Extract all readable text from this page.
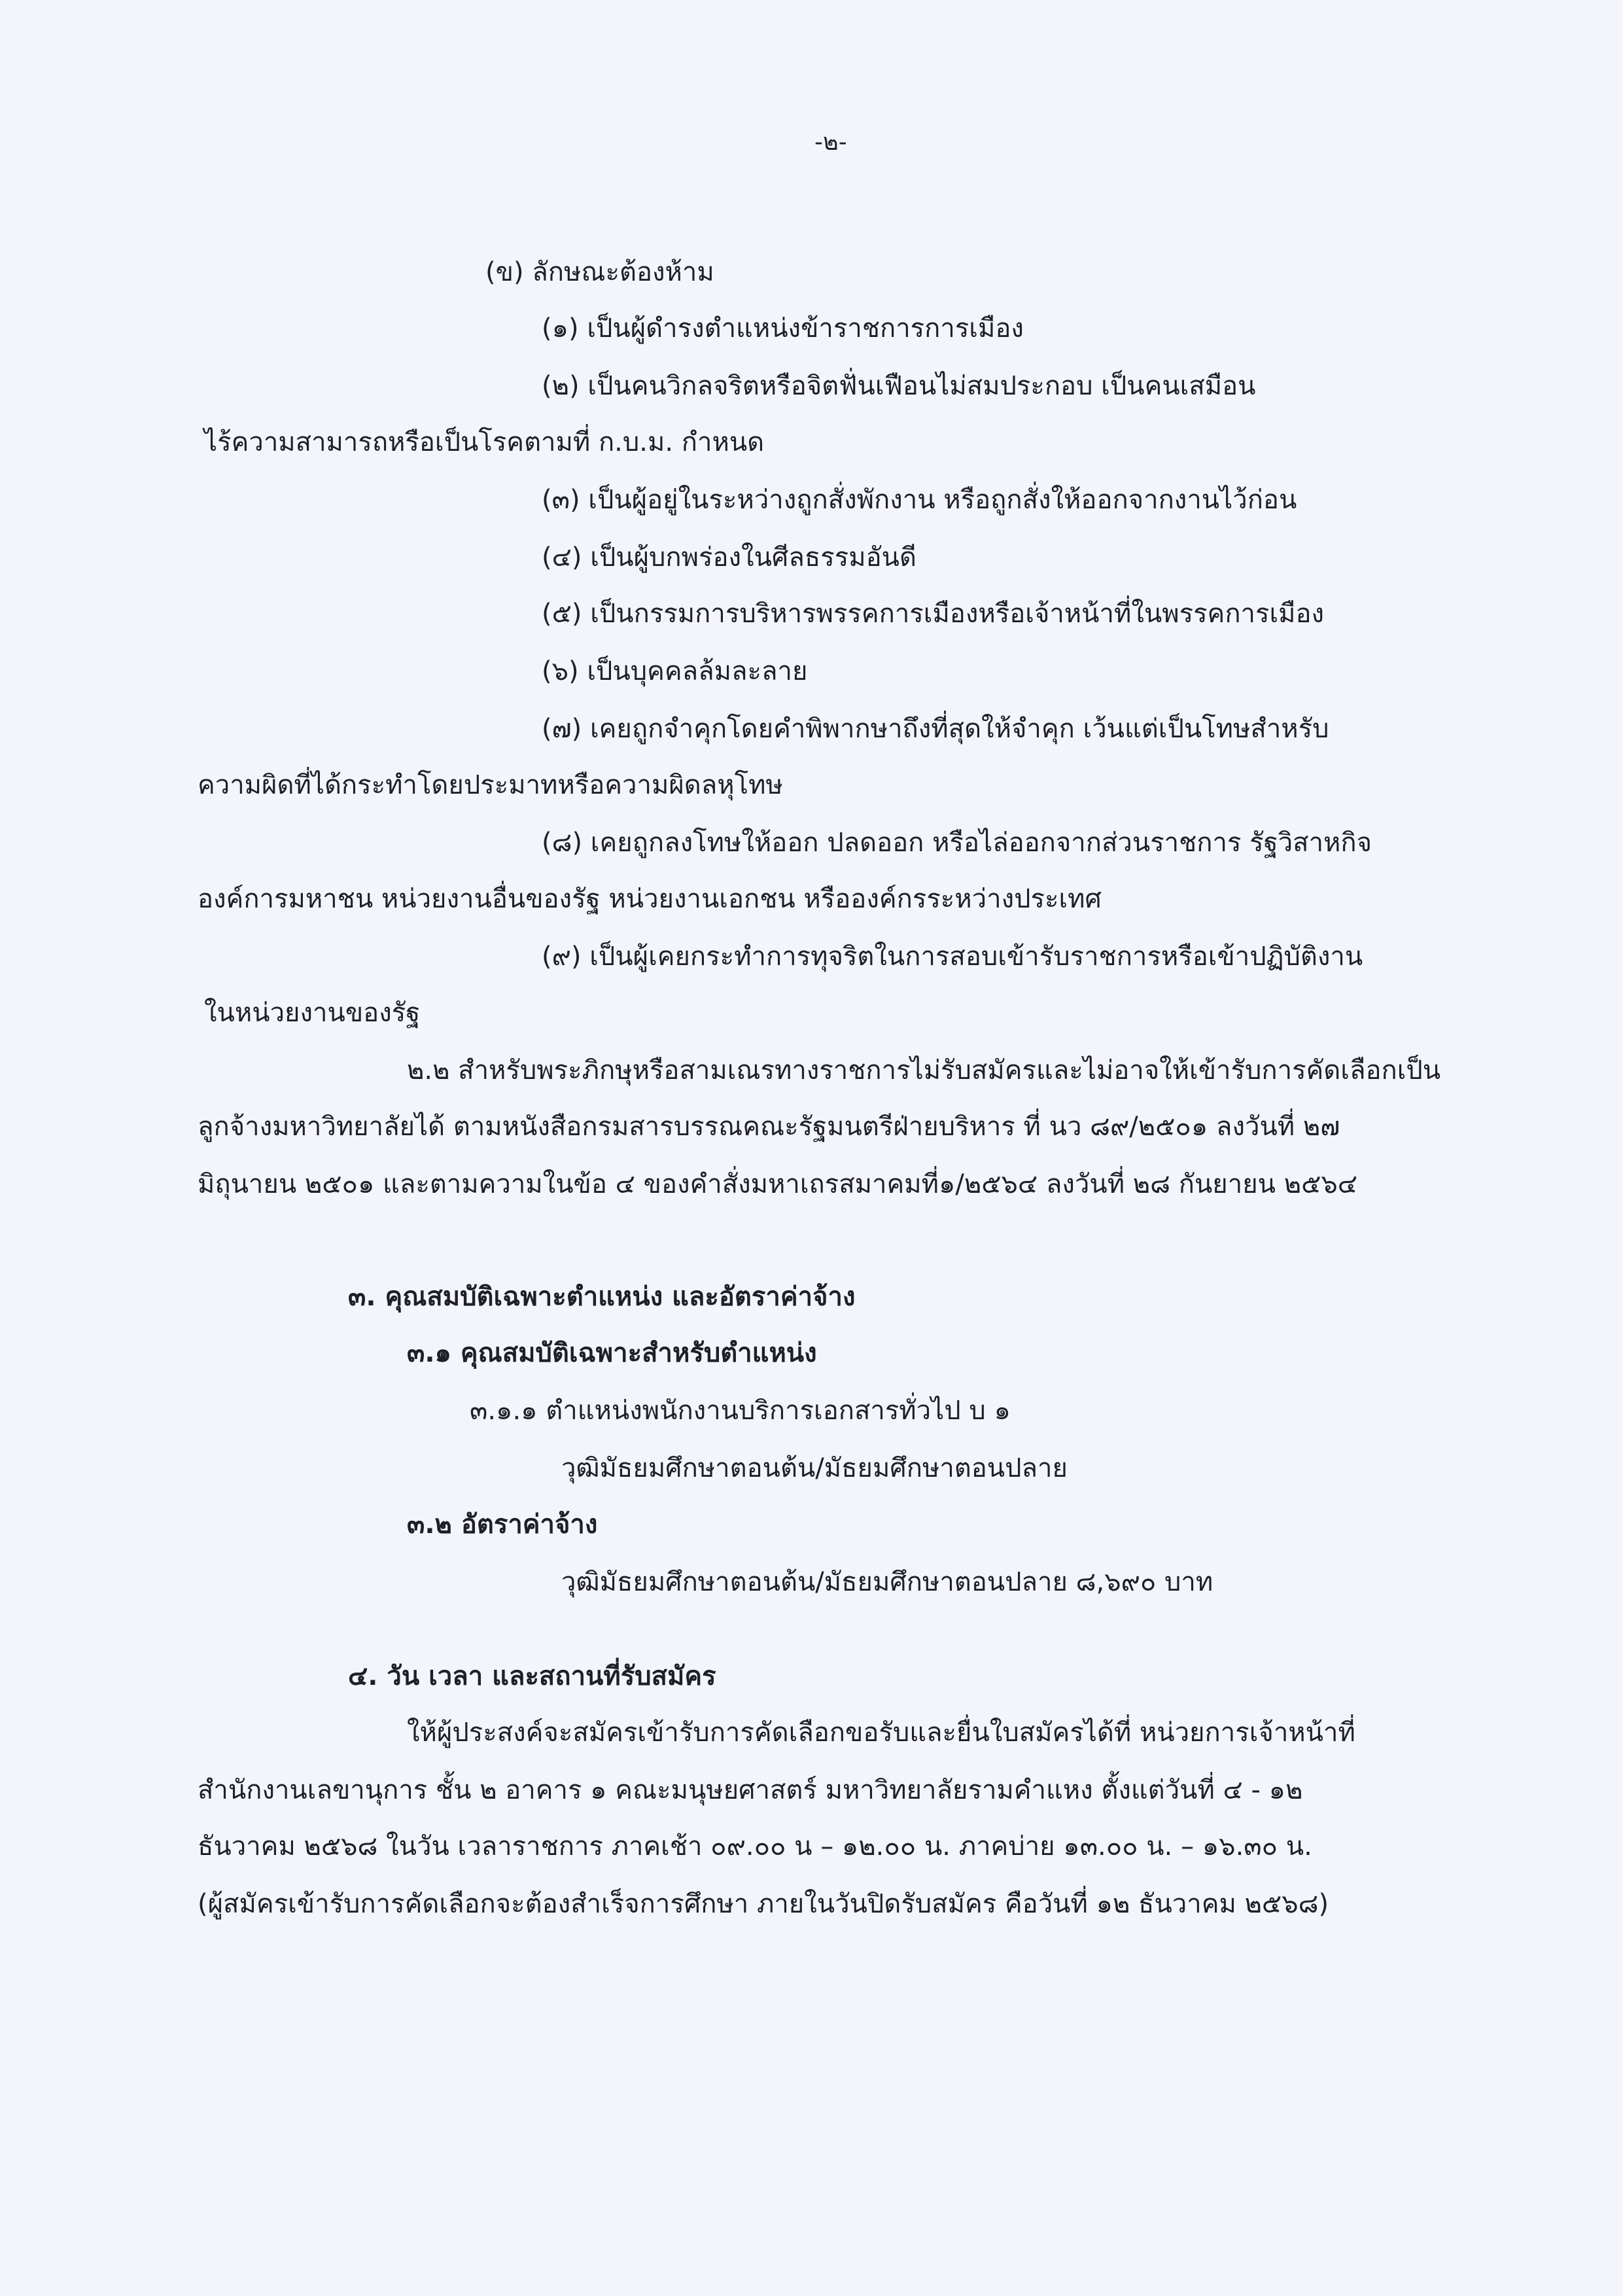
-๒-
(ข) ลักษณะต้องห้าม
(๑) เป็นผู้ดำรงตำแหน่งข้าราชการการเมือง
(๒) เป็นคนวิกลจริตหรือจิตฟั่นเฟือนไม่สมประกอบ เป็นคนเสมือน
ไร้ความสามารถหรือเป็นโรคตามที่ ก.บ.ม. กำหนด
(๓) เป็นผู้อยู่ในระหว่างถูกสั่งพักงาน หรือถูกสั่งให้ออกจากงานไว้ก่อน
(๔) เป็นผู้บกพร่องในศีลธรรมอันดี
(๕) เป็นกรรมการบริหารพรรคการเมืองหรือเจ้าหน้าที่ในพรรคการเมือง
(๖) เป็นบุคคลล้มละลาย
(๗) เคยถูกจำคุกโดยคำพิพากษาถึงที่สุดให้จำคุก เว้นแต่เป็นโทษสำหรับ
ความผิดที่ได้กระทำโดยประมาทหรือความผิดลหุโทษ
(๘) เคยถูกลงโทษให้ออก ปลดออก หรือไล่ออกจากส่วนราชการ รัฐวิสาหกิจ
องค์การมหาชน หน่วยงานอื่นของรัฐ หน่วยงานเอกชน หรือองค์กรระหว่างประเทศ
(๙) เป็นผู้เคยกระทำการทุจริตในการสอบเข้ารับราชการหรือเข้าปฏิบัติงาน
ในหน่วยงานของรัฐ
๒.๒ สำหรับพระภิกษุหรือสามเณรทางราชการไม่รับสมัครและไม่อาจให้เข้ารับการคัดเลือกเป็น
ลูกจ้างมหาวิทยาลัยได้ ตามหนังสือกรมสารบรรณคณะรัฐมนตรีฝ่ายบริหาร ที่ นว ๘๙/๒๕๐๑ ลงวันที่ ๒๗
มิถุนายน ๒๕๐๑ และตามความในข้อ ๔ ของคำสั่งมหาเถรสมาคมที่๑/๒๕๖๔ ลงวันที่ ๒๘ กันยายน ๒๕๖๔
๓. คุณสมบัติเฉพาะตำแหน่ง และอัตราค่าจ้าง
๓.๑ คุณสมบัติเฉพาะสำหรับตำแหน่ง
๓.๑.๑ ตำแหน่งพนักงานบริการเอกสารทั่วไป บ ๑
วุฒิมัธยมศึกษาตอนต้น/มัธยมศึกษาตอนปลาย
๓.๒ อัตราค่าจ้าง
วุฒิมัธยมศึกษาตอนต้น/มัธยมศึกษาตอนปลาย ๘,๖๙๐ บาท
๔. วัน เวลา และสถานที่รับสมัคร
ให้ผู้ประสงค์จะสมัครเข้ารับการคัดเลือกขอรับและยื่นใบสมัครได้ที่ หน่วยการเจ้าหน้าที่
สำนักงานเลขานุการ ชั้น ๒ อาคาร ๑ คณะมนุษยศาสตร์ มหาวิทยาลัยรามคำแหง ตั้งแต่วันที่ ๔ - ๑๒
ธันวาคม ๒๕๖๘ ในวัน เวลาราชการ ภาคเช้า ๐๙.๐๐ น – ๑๒.๐๐ น. ภาคบ่าย ๑๓.๐๐ น. – ๑๖.๓๐ น.
(ผู้สมัครเข้ารับการคัดเลือกจะต้องสำเร็จการศึกษา ภายในวันปิดรับสมัคร คือวันที่ ๑๒ ธันวาคม ๒๕๖๘)
